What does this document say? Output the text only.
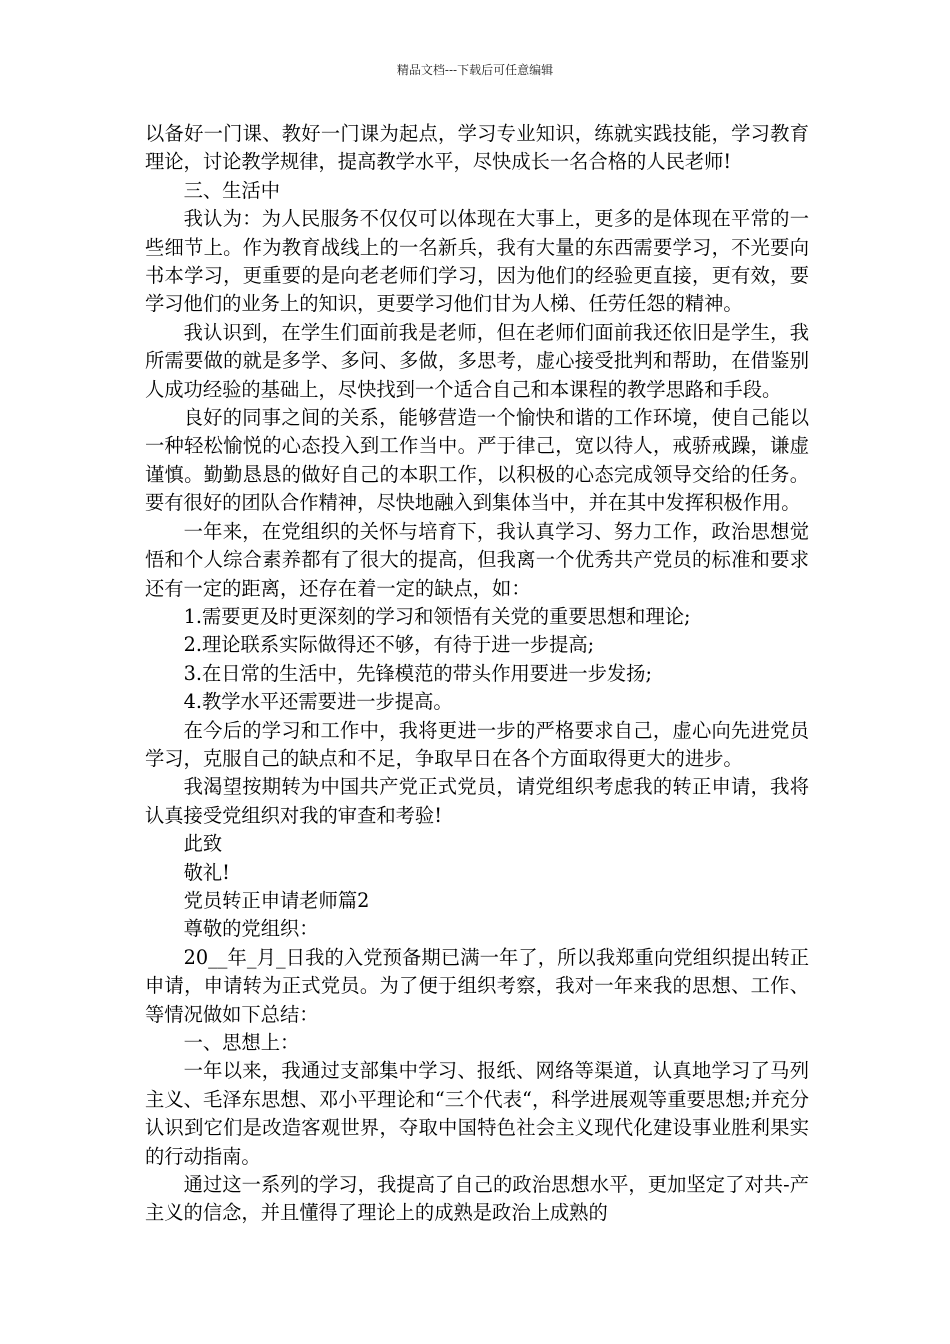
精品文档---下载后可任意编辑

以备好一门课、教好一门课为起点，学习专业知识，练就实践技能，学习教育理论，讨论教学规律，提高教学水平，尽快成长一名合格的人民老师!

三、生活中

我认为：为人民服务不仅仅可以体现在大事上，更多的是体现在平常的一些细节上。作为教育战线上的一名新兵，我有大量的东西需要学习，不光要向书本学习，更重要的是向老老师们学习，因为他们的经验更直接，更有效，要学习他们的业务上的知识，更要学习他们甘为人梯、任劳任怨的精神。

我认识到，在学生们面前我是老师，但在老师们面前我还依旧是学生，我所需要做的就是多学、多问、多做，多思考，虚心接受批判和帮助，在借鉴别人成功经验的基础上，尽快找到一个适合自己和本课程的教学思路和手段。

良好的同事之间的关系，能够营造一个愉快和谐的工作环境，使自己能以一种轻松愉悦的心态投入到工作当中。严于律己，宽以待人，戒骄戒躁，谦虚谨慎。勤勤恳恳的做好自己的本职工作，以积极的心态完成领导交给的任务。要有很好的团队合作精神，尽快地融入到集体当中，并在其中发挥积极作用。

一年来，在党组织的关怀与培育下，我认真学习、努力工作，政治思想觉悟和个人综合素养都有了很大的提高，但我离一个优秀共产党员的标准和要求还有一定的距离，还存在着一定的缺点，如：

1.需要更及时更深刻的学习和领悟有关党的重要思想和理论;

2.理论联系实际做得还不够，有待于进一步提高;

3.在日常的生活中，先锋模范的带头作用要进一步发扬;

4.教学水平还需要进一步提高。

在今后的学习和工作中，我将更进一步的严格要求自己，虚心向先进党员学习，克服自己的缺点和不足，争取早日在各个方面取得更大的进步。

我渴望按期转为中国共产党正式党员，请党组织考虑我的转正申请，我将认真接受党组织对我的审查和考验!

此致

敬礼!

党员转正申请老师篇2

尊敬的党组织：

20__年_月_日我的入党预备期已满一年了，所以我郑重向党组织提出转正申请，申请转为正式党员。为了便于组织考察，我对一年来我的思想、工作、等情况做如下总结：

一、思想上：

一年以来，我通过支部集中学习、报纸、网络等渠道，认真地学习了马列主义、毛泽东思想、邓小平理论和“三个代表“，科学进展观等重要思想;并充分认识到它们是改造客观世界，夺取中国特色社会主义现代化建设事业胜利果实的行动指南。

通过这一系列的学习，我提高了自己的政治思想水平，更加坚定了对共-产主义的信念，并且懂得了理论上的成熟是政治上成熟的
